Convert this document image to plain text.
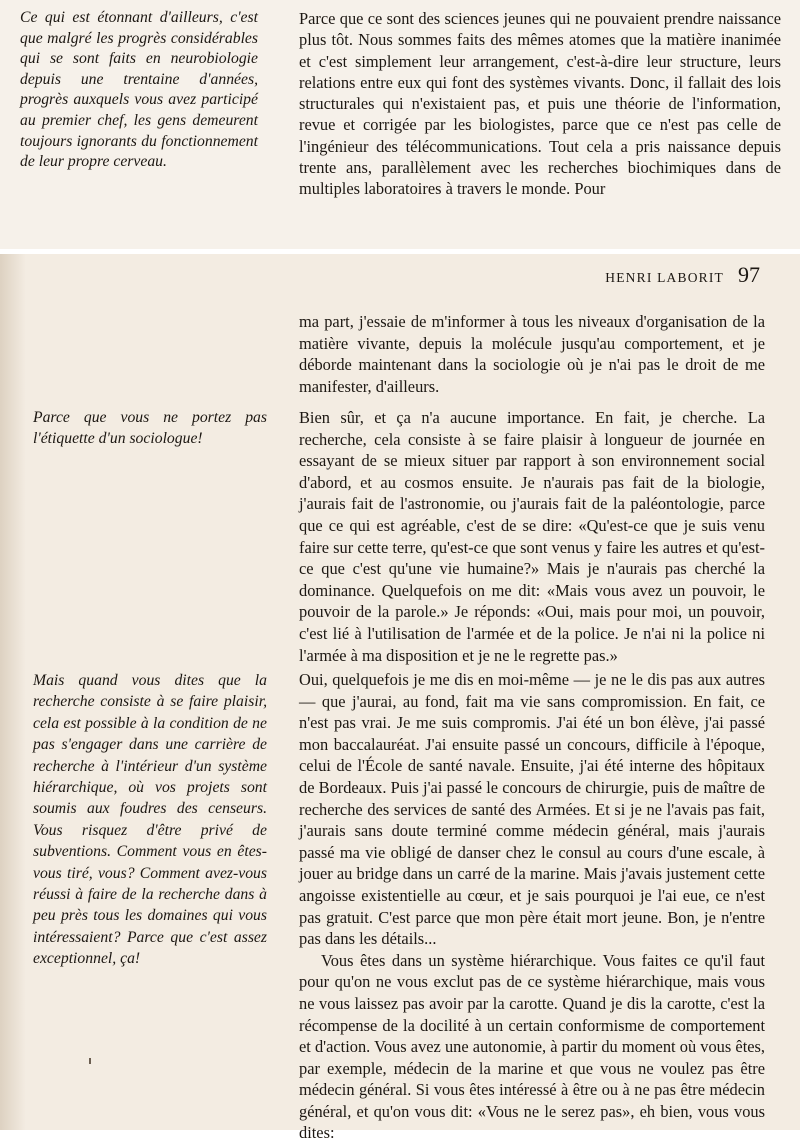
Ce qui est étonnant d'ailleurs, c'est que malgré les progrès considérables qui se sont faits en neurobiologie depuis une trentaine d'années, progrès auxquels vous avez participé au premier chef, les gens demeurent toujours ignorants du fonctionnement de leur propre cerveau.
Parce que ce sont des sciences jeunes qui ne pouvaient prendre naissance plus tôt. Nous sommes faits des mêmes atomes que la matière inanimée et c'est simplement leur arrangement, c'est-à-dire leur structure, leurs relations entre eux qui font des systèmes vivants. Donc, il fallait des lois structurales qui n'existaient pas, et puis une théorie de l'information, revue et corrigée par les biologistes, parce que ce n'est pas celle de l'ingénieur des télécommunications. Tout cela a pris naissance depuis trente ans, parallèlement avec les recherches biochimiques dans de multiples laboratoires à travers le monde. Pour
HENRI LABORIT 97
ma part, j'essaie de m'informer à tous les niveaux d'organisation de la matière vivante, depuis la molécule jusqu'au comportement, et je déborde maintenant dans la sociologie où je n'ai pas le droit de me manifester, d'ailleurs.
Parce que vous ne portez pas l'étiquette d'un sociologue!
Bien sûr, et ça n'a aucune importance. En fait, je cherche. La recherche, cela consiste à se faire plaisir à longueur de journée en essayant de se mieux situer par rapport à son environnement social d'abord, et au cosmos ensuite. Je n'aurais pas fait de la biologie, j'aurais fait de l'astronomie, ou j'aurais fait de la paléontologie, parce que ce qui est agréable, c'est de se dire: «Qu'est-ce que je suis venu faire sur cette terre, qu'est-ce que sont venus y faire les autres et qu'est-ce que c'est qu'une vie humaine?» Mais je n'aurais pas cherché la dominance. Quelquefois on me dit: «Mais vous avez un pouvoir, le pouvoir de la parole.» Je réponds: «Oui, mais pour moi, un pouvoir, c'est lié à l'utilisation de l'armée et de la police. Je n'ai ni la police ni l'armée à ma disposition et je ne le regrette pas.»
Mais quand vous dites que la recherche consiste à se faire plaisir, cela est possible à la condition de ne pas s'engager dans une carrière de recherche à l'intérieur d'un système hiérarchique, où vos projets sont soumis aux foudres des censeurs. Vous risquez d'être privé de subventions. Comment vous en êtes-vous tiré, vous? Comment avez-vous réussi à faire de la recherche dans à peu près tous les domaines qui vous intéressaient? Parce que c'est assez exceptionnel, ça!

Oui, quelquefois je me dis en moi-même — je ne le dis pas aux autres — que j'aurai, au fond, fait ma vie sans compromission. En fait, ce n'est pas vrai. Je me suis compromis. J'ai été un bon élève, j'ai passé mon baccalauréat. J'ai ensuite passé un concours, difficile à l'époque, celui de l'École de santé navale. Ensuite, j'ai été interne des hôpitaux de Bordeaux. Puis j'ai passé le concours de chirurgie, puis de maître de recherche des services de santé des Armées. Et si je ne l'avais pas fait, j'aurais sans doute terminé comme médecin général, mais j'aurais passé ma vie obligé de danser chez le consul au cours d'une escale, à jouer au bridge dans un carré de la marine. Mais j'avais justement cette angoisse existentielle au cœur, et je sais pourquoi je l'ai eue, ce n'est pas gratuit. C'est parce que mon père était mort jeune. Bon, je n'entre pas dans les détails...

Vous êtes dans un système hiérarchique. Vous faites ce qu'il faut pour qu'on ne vous exclut pas de ce système hiérarchique, mais vous ne vous laissez pas avoir par la carotte. Quand je dis la carotte, c'est la récompense de la docilité à un certain conformisme de comportement et d'action. Vous avez une autonomie, à partir du moment où vous êtes, par exemple, médecin de la marine et que vous ne voulez pas être médecin général. Si vous êtes intéressé à être ou à ne pas être médecin général, et qu'on vous dit: «Vous ne le serez pas», eh bien, vous vous dites:
